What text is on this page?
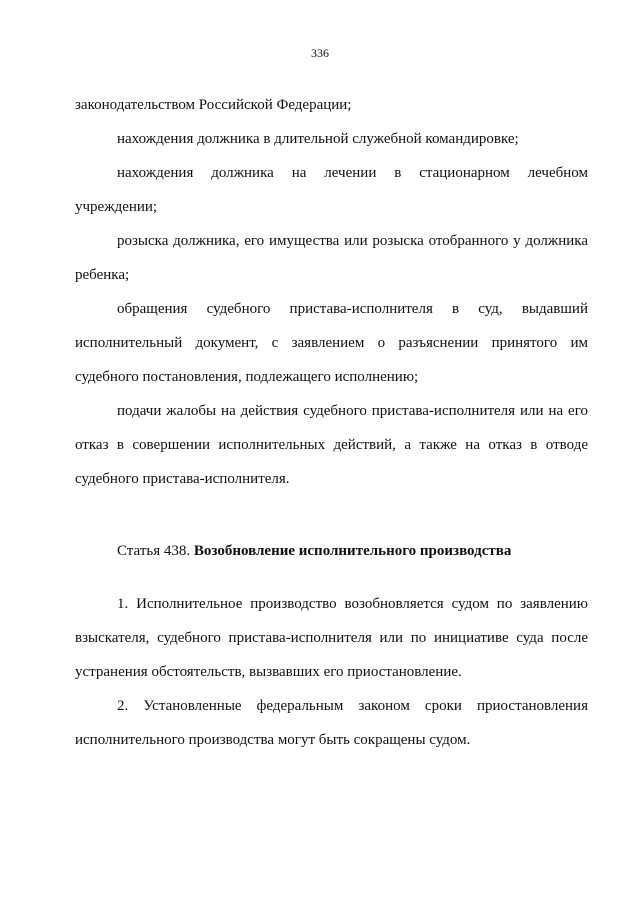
336

законодательством Российской Федерации;

нахождения должника в длительной служебной командировке;

нахождения должника на лечении в стационарном лечебном учреждении;

розыска должника, его имущества или розыска отобранного у должника ребенка;

обращения судебного пристава-исполнителя в суд, выдавший исполнительный документ, с заявлением о разъяснении принятого им судебного постановления, подлежащего исполнению;

подачи жалобы на действия судебного пристава-исполнителя или на его отказ в совершении исполнительных действий, а также на отказ в отводе судебного пристава-исполнителя.

Статья 438. Возобновление исполнительного производства

1. Исполнительное производство возобновляется судом по заявлению взыскателя, судебного пристава-исполнителя или по инициативе суда после устранения обстоятельств, вызвавших его приостановление.

2. Установленные федеральным законом сроки приостановления исполнительного производства могут быть сокращены судом.
